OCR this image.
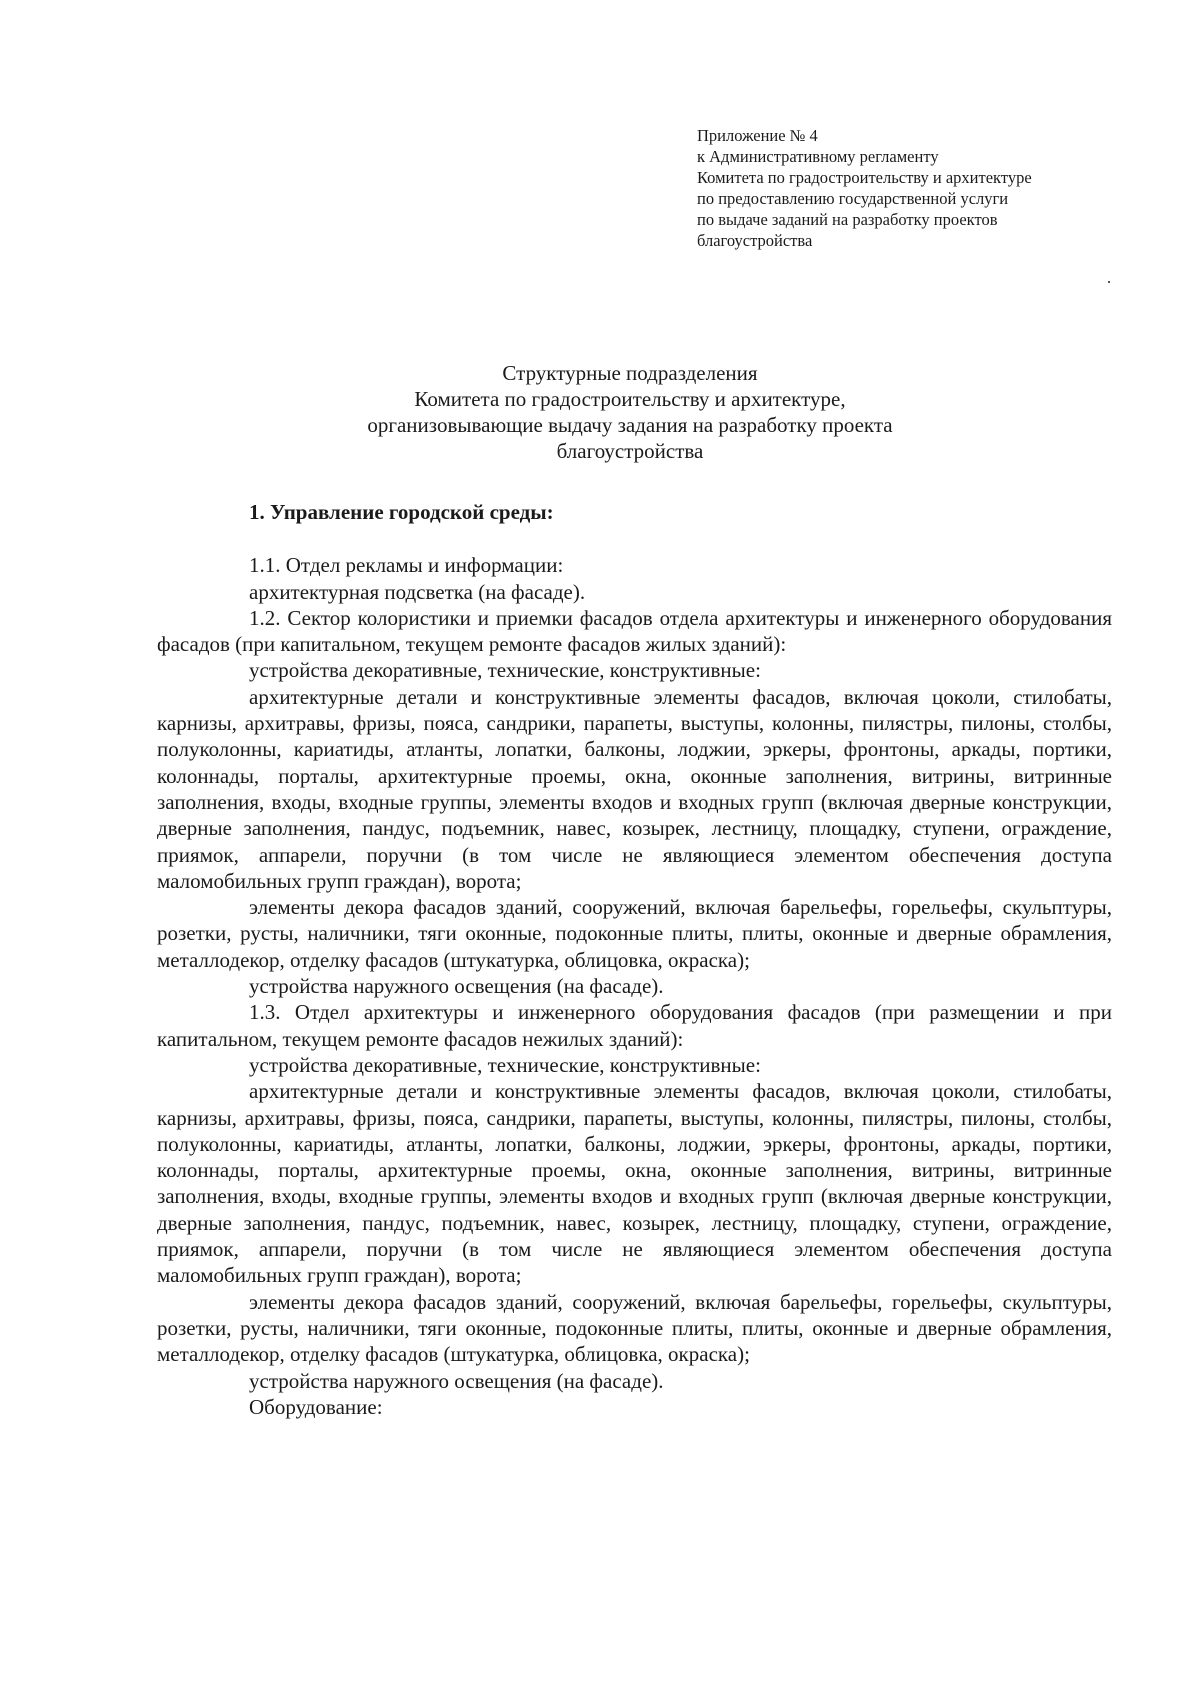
Приложение № 4
к Административному регламенту
Комитета по градостроительству и архитектуре
по предоставлению государственной услуги
по выдаче заданий на разработку проектов
благоустройства
Структурные подразделения
Комитета по градостроительству и архитектуре,
организовывающие выдачу задания на разработку проекта
благоустройства
1. Управление городской среды:

1.1. Отдел рекламы и информации:

архитектурная подсветка (на фасаде).

1.2. Сектор колористики и приемки фасадов отдела архитектуры и инженерного оборудования фасадов (при капитальном, текущем ремонте фасадов жилых зданий):

устройства декоративные, технические, конструктивные:

архитектурные детали и конструктивные элементы фасадов, включая цоколи, стилобаты, карнизы, архитравы, фризы, пояса, сандрики, парапеты, выступы, колонны, пилястры, пилоны, столбы, полуколонны, кариатиды, атланты, лопатки, балконы, лоджии, эркеры, фронтоны, аркады, портики, колоннады, порталы, архитектурные проемы, окна, оконные заполнения, витрины, витринные заполнения, входы, входные группы, элементы входов и входных групп (включая дверные конструкции, дверные заполнения, пандус, подъемник, навес, козырек, лестницу, площадку, ступени, ограждение, приямок, аппарели, поручни (в том числе не являющиеся элементом обеспечения доступа маломобильных групп граждан), ворота;

элементы декора фасадов зданий, сооружений, включая барельефы, горельефы, скульптуры, розетки, русты, наличники, тяги оконные, подоконные плиты, плиты, оконные и дверные обрамления, металлодекор, отделку фасадов (штукатурка, облицовка, окраска);

устройства наружного освещения (на фасаде).

1.3. Отдел архитектуры и инженерного оборудования фасадов (при размещении и при капитальном, текущем ремонте фасадов нежилых зданий):

устройства декоративные, технические, конструктивные:

архитектурные детали и конструктивные элементы фасадов, включая цоколи, стилобаты, карнизы, архитравы, фризы, пояса, сандрики, парапеты, выступы, колонны, пилястры, пилоны, столбы, полуколонны, кариатиды, атланты, лопатки, балконы, лоджии, эркеры, фронтоны, аркады, портики, колоннады, порталы, архитектурные проемы, окна, оконные заполнения, витрины, витринные заполнения, входы, входные группы, элементы входов и входных групп (включая дверные конструкции, дверные заполнения, пандус, подъемник, навес, козырек, лестницу, площадку, ступени, ограждение, приямок, аппарели, поручни (в том числе не являющиеся элементом обеспечения доступа маломобильных групп граждан), ворота;

элементы декора фасадов зданий, сооружений, включая барельефы, горельефы, скульптуры, розетки, русты, наличники, тяги оконные, подоконные плиты, плиты, оконные и дверные обрамления, металлодекор, отделку фасадов (штукатурка, облицовка, окраска);

устройства наружного освещения (на фасаде).

Оборудование:
